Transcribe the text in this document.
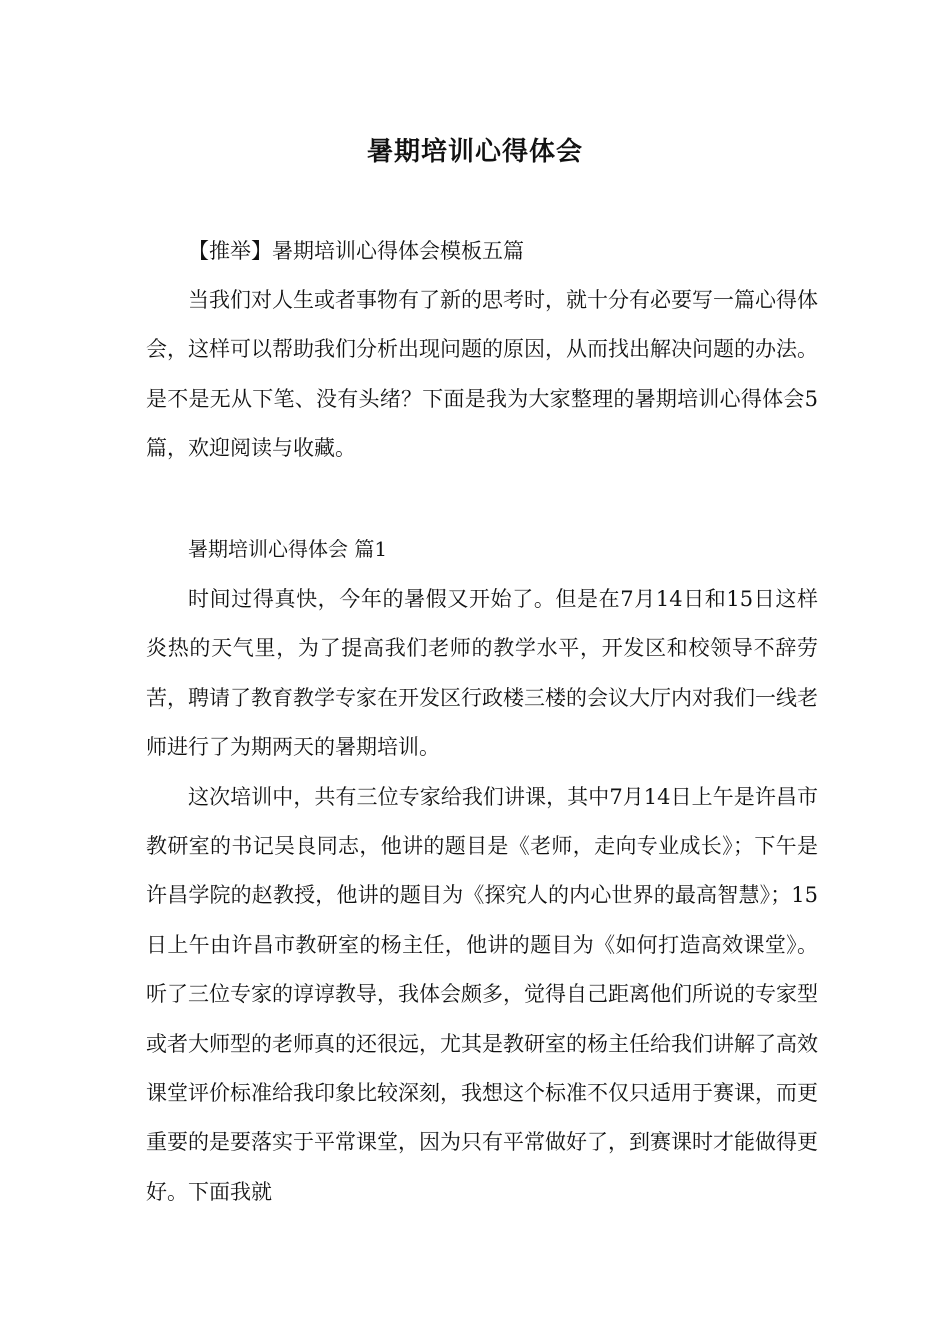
暑期培训心得体会

【推举】暑期培训心得体会模板五篇

当我们对人生或者事物有了新的思考时，就十分有必要写一篇心得体会，这样可以帮助我们分析出现问题的原因，从而找出解决问题的办法。是不是无从下笔、没有头绪？下面是我为大家整理的暑期培训心得体会5篇，欢迎阅读与收藏。

暑期培训心得体会 篇1

时间过得真快，今年的暑假又开始了。但是在7月14日和15日这样炎热的天气里，为了提高我们老师的教学水平，开发区和校领导不辞劳苦，聘请了教育教学专家在开发区行政楼三楼的会议大厅内对我们一线老师进行了为期两天的暑期培训。

这次培训中，共有三位专家给我们讲课，其中7月14日上午是许昌市教研室的书记吴良同志，他讲的题目是《老师，走向专业成长》；下午是许昌学院的赵教授，他讲的题目为《探究人的内心世界的最高智慧》；15日上午由许昌市教研室的杨主任，他讲的题目为《如何打造高效课堂》。听了三位专家的谆谆教导，我体会颇多，觉得自己距离他们所说的专家型或者大师型的老师真的还很远，尤其是教研室的杨主任给我们讲解了高效课堂评价标准给我印象比较深刻，我想这个标准不仅只适用于赛课，而更重要的是要落实于平常课堂，因为只有平常做好了，到赛课时才能做得更好。下面我就
